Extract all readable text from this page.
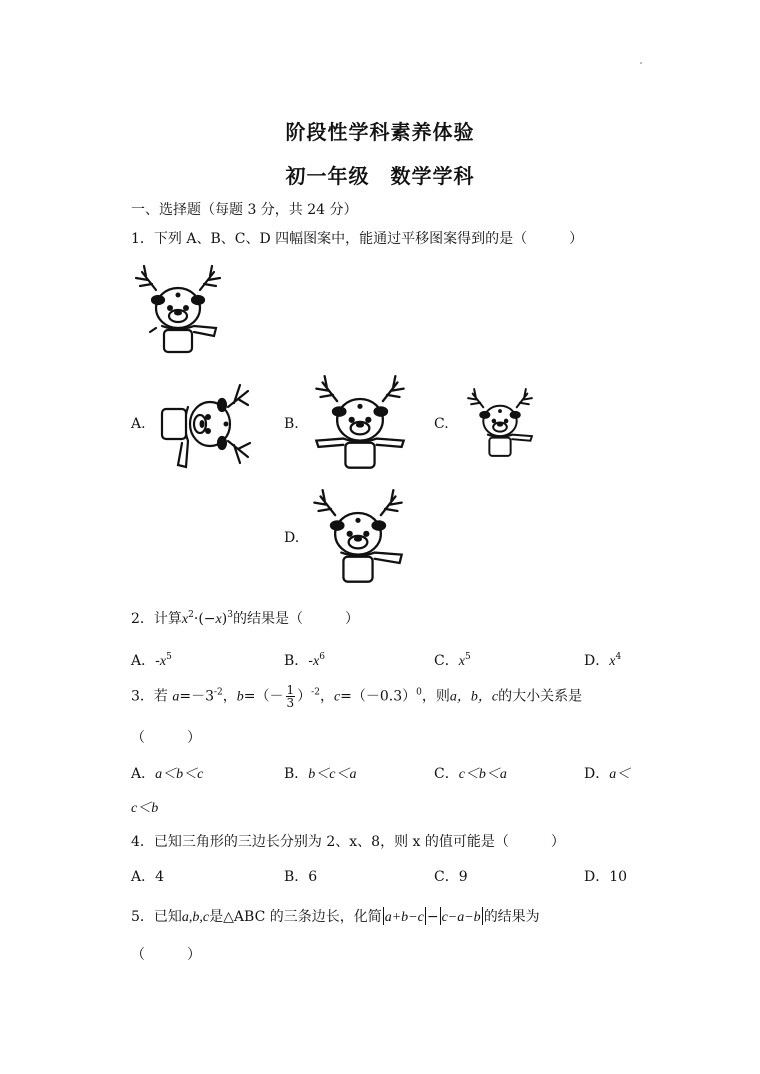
阶段性学科素养体验
初一年级　数学学科
一、选择题（每题 3 分，共 24 分）
1．下列 A、B、C、D 四幅图案中，能通过平移图案得到的是（　　　）
A.	B.	C.
D.
2．计算$x^2\cdot(-x)^3$的结果是（　　　）
A．$-x^5$	B．$-x^6$	C．$x^5$	D．$x^4$
3．若 $a=-3^{-2}$，$b=(- \frac{1}{3} )^{-2}$，$c=(-0.3)^0$，则a，b，c的大小关系是
（　　　）
A．a＜b＜c	B．b＜c＜a	C．c＜b＜a	D．a＜
c＜b
4．已知三角形的三边长分别为 2、x、8，则 x 的值可能是（　　　）
A．4	B．6	C．9	D．10
5．已知a,b,c是△ABC 的三条边长，化简 a+b−c − c−a−b 的结果为
（　　　）
